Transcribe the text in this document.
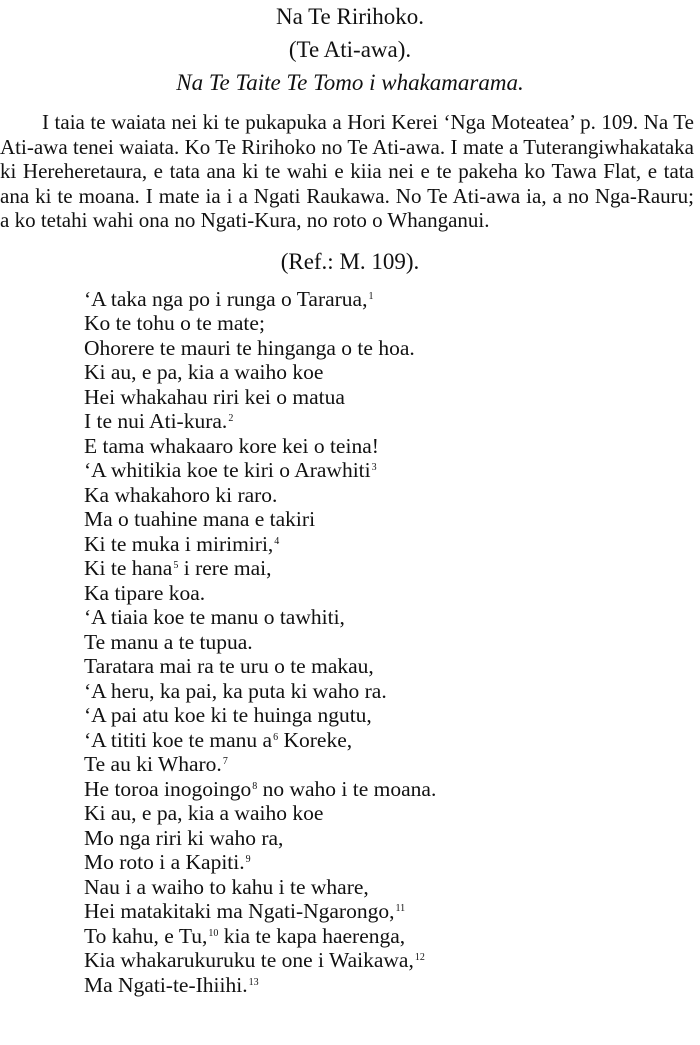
Na Te Ririhoko.
(Te Ati-awa).
Na Te Taite Te Tomo i whakamarama.

I taia te waiata nei ki te pukapuka a Hori Kerei ‘Nga Moteatea’ p. 109. Na Te Ati-awa tenei waiata. Ko Te Ririhoko no Te Ati-awa. I mate a Tuterangiwhakataka ki Hereheretaura, e tata ana ki te wahi e kiia nei e te pakeha ko Tawa Flat, e tata ana ki te moana. I mate ia i a Ngati Raukawa. No Te Ati-awa ia, a no Nga-Rauru; a ko tetahi wahi ona no Ngati-Kura, no roto o Whanganui.

(Ref.: M. 109).
‘A taka nga po i runga o Tararua,$^1$
Ko te tohu o te mate;
Ohorere te mauri te hinganga o te hoa.
Ki au, e pa, kia a waiho koe
Hei whakahau riri kei o matua
I te nui Ati-kura.$^2$
E tama whakaaro kore kei o teina!
‘A whitikia koe te kiri o Arawhiti$^3$
Ka whakahoro ki raro.
Ma o tuahine mana e takiri
Ki te muka i mirimiri,$^4$
Ki te hana$^5$ i rere mai,
Ka tipare koa.
‘A tiaia koe te manu o tawhiti,
Te manu a te tupua.
Taratara mai ra te uru o te makau,
‘A heru, ka pai, ka puta ki waho ra.
‘A pai atu koe ki te huinga ngutu,
‘A tititi koe te manu $a^6$ Koreke,
Te au ki Wharo.$^7$
He toroa inogoingo$^8$ no waho i te moana.
Ki au, e pa, kia a waiho koe
Mo nga riri ki waho ra,
Mo roto i a Kapiti.$^9$
Nau i a waiho to kahu i te whare,
Hei matakitaki ma Ngati-Ngarongo,$^{11}$
To kahu, e Tu,$^{10}$ kia te kapa haerenga,
Kia whakarukuruku te one i Waikawa,$^{12}$
Ma Ngati-te-Ihiihi.$^{13}$
